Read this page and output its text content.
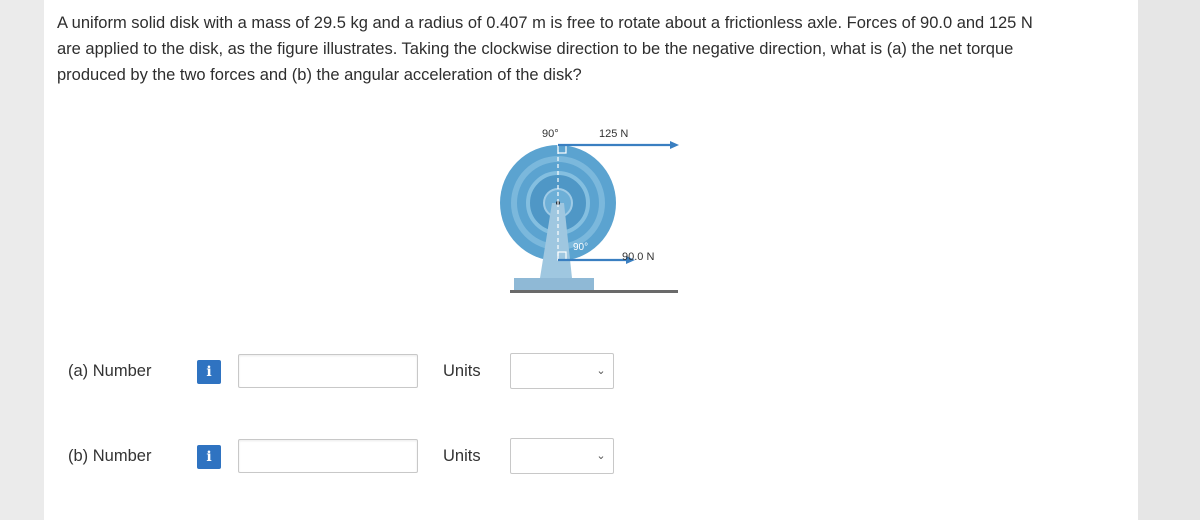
A uniform solid disk with a mass of 29.5 kg and a radius of 0.407 m is free to rotate about a frictionless axle. Forces of 90.0 and 125 N
are applied to the disk, as the figure illustrates. Taking the clockwise direction to be the negative direction, what is (a) the net torque
produced by the two forces and (b) the angular acceleration of the disk?
90°	125 N
90°
90.0 N
(a) Number	i	Units	⌄
(b) Number	i	Units	⌄
